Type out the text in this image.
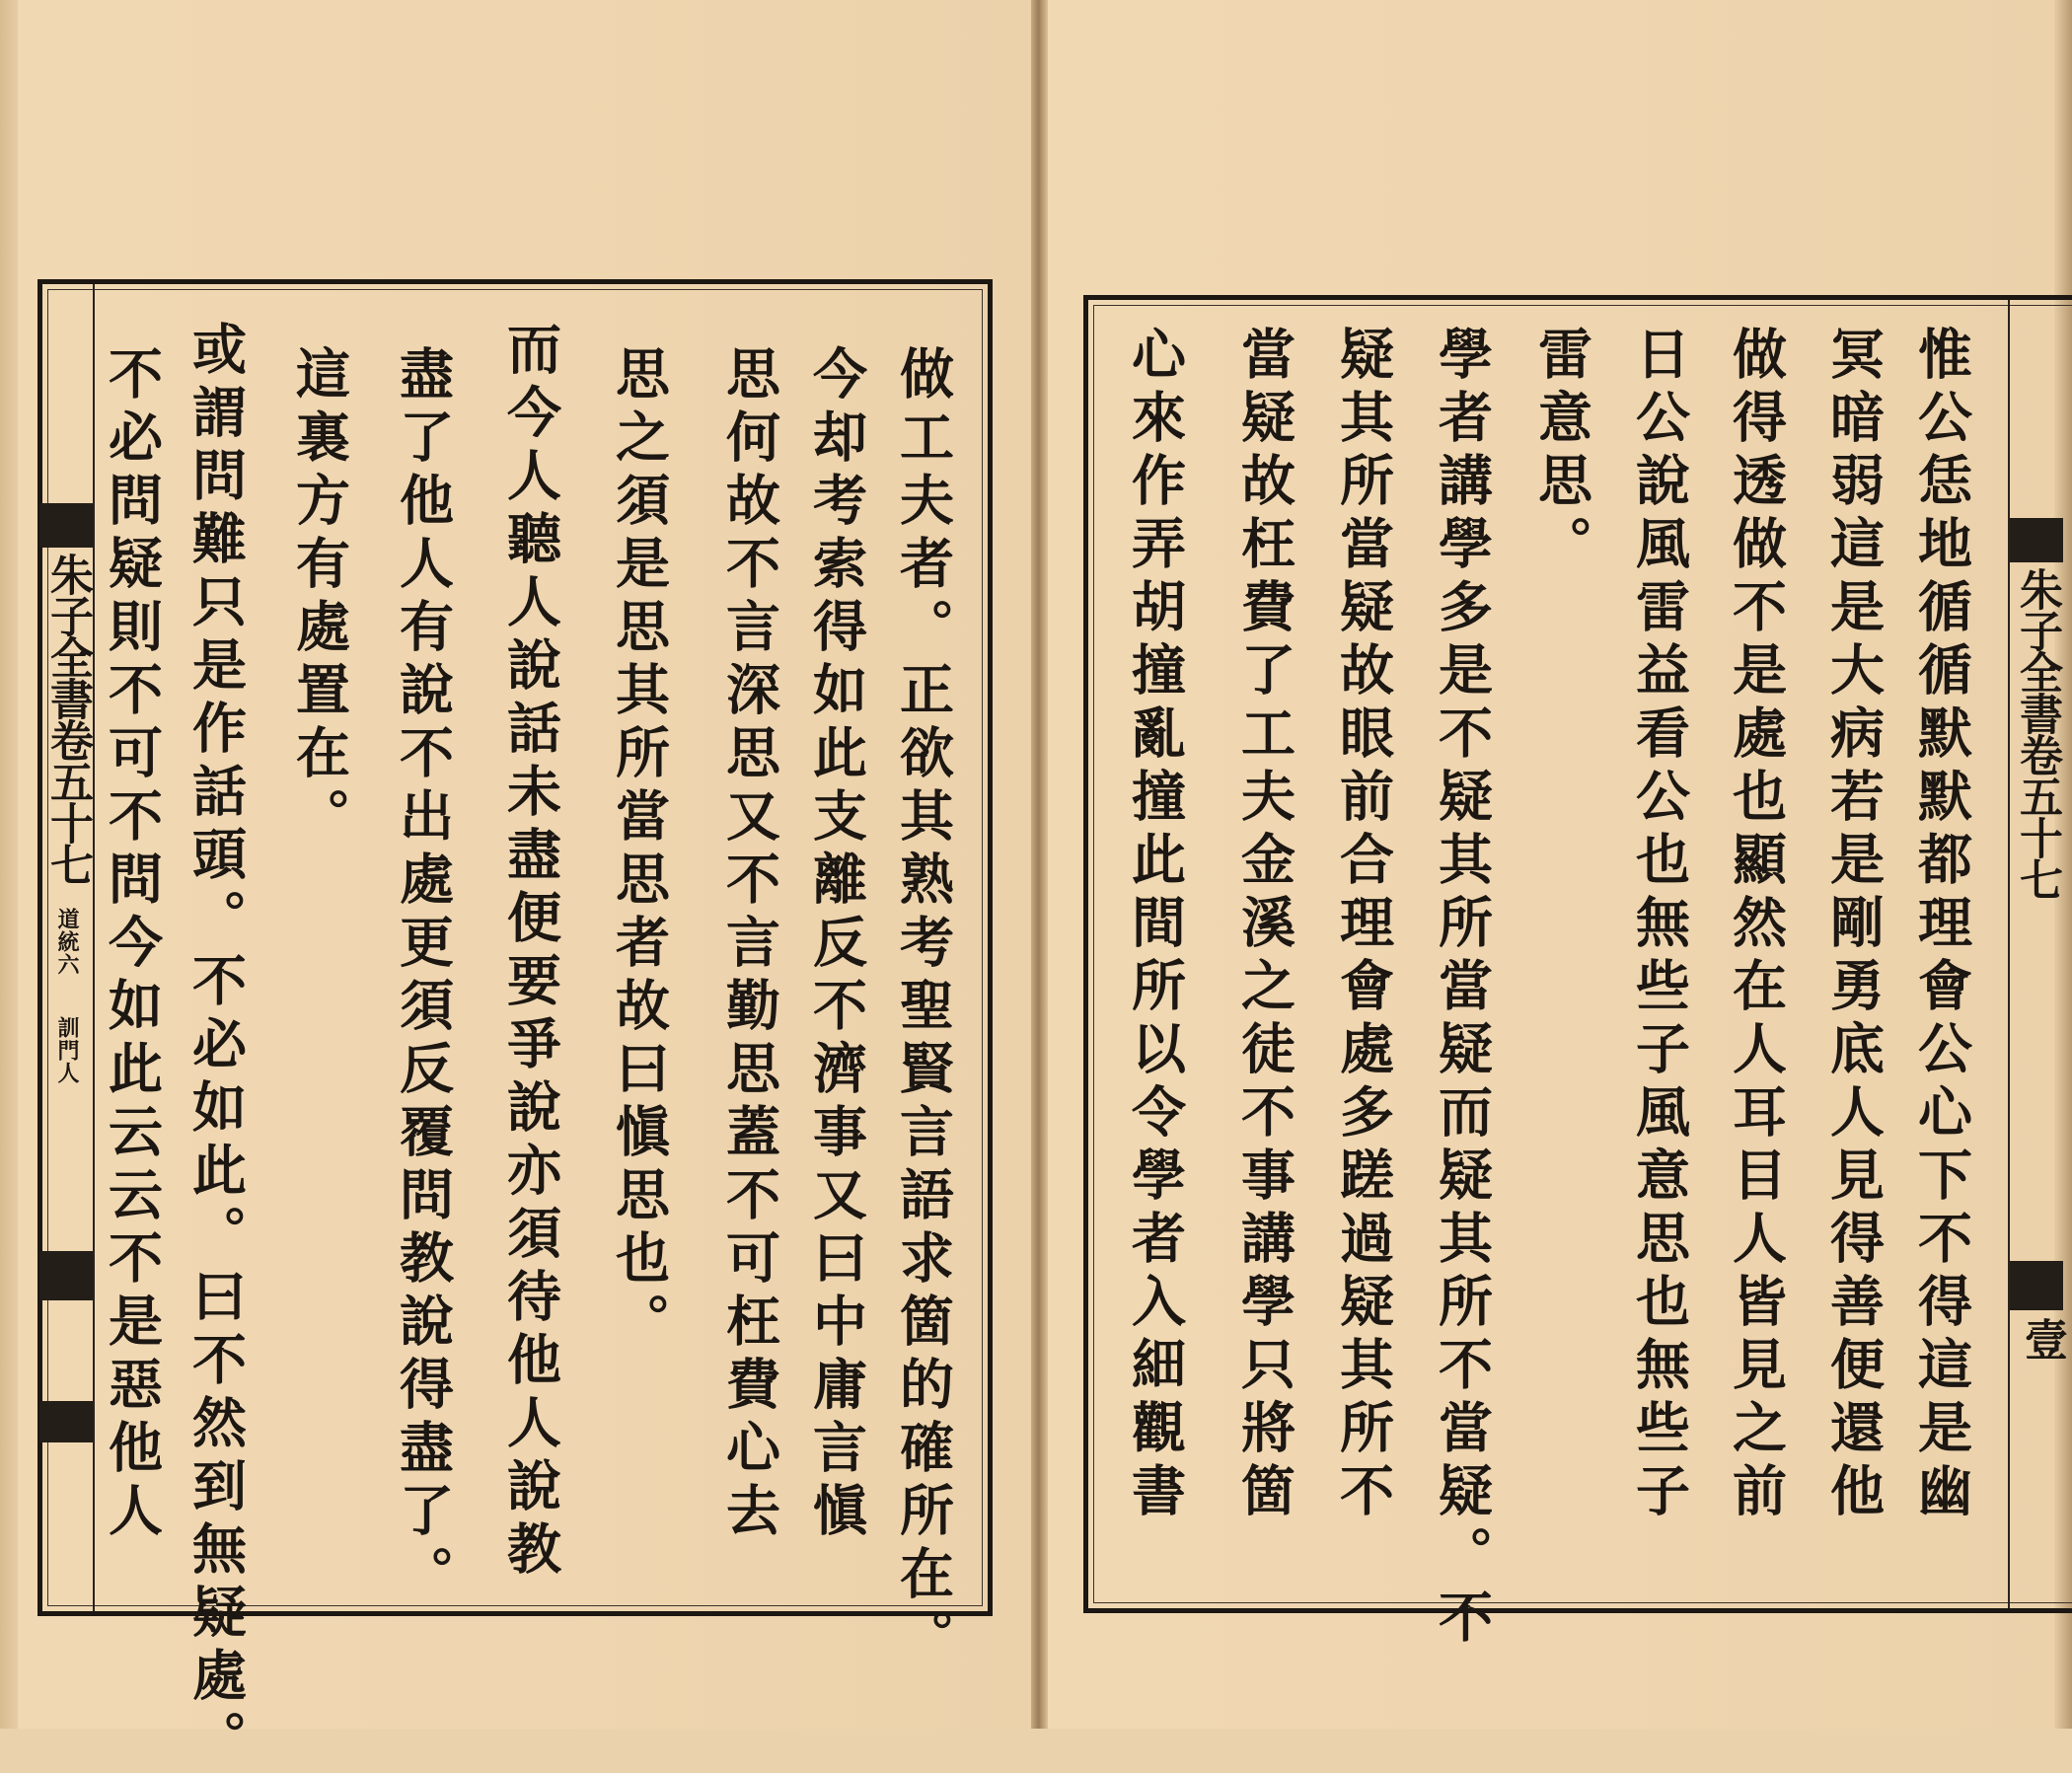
朱子全書卷五十七
道統六
訓門人	做工夫者。正欲其熟考聖賢言語求箇的確所在。
今却考索得如此支離反不濟事又曰中庸言愼
思何故不言深思又不言勤思蓋不可枉費心去
思之須是思其所當思者故曰愼思也。
而今人聽人說話未盡便要爭說亦須待他人說教
盡了他人有說不出處更須反覆問教說得盡了。
這裏方有處置在。
或謂問難只是作話頭。不必如此。曰不然到無疑處。
不必問疑則不可不問今如此云云不是惡他人	朱子全書卷五十七
壹
惟公恁地循循默默都理會公心下不得這是幽
冥暗弱這是大病若是剛勇底人見得善便還他
做得透做不是處也顯然在人耳目人皆見之前
日公說風雷益看公也無些子風意思也無些子
雷意思。
學者講學多是不疑其所當疑而疑其所不當疑。不
疑其所當疑故眼前合理會處多蹉過疑其所不
當疑故枉費了工夫金溪之徒不事講學只將箇
心來作弄胡撞亂撞此間所以令學者入細觀書
